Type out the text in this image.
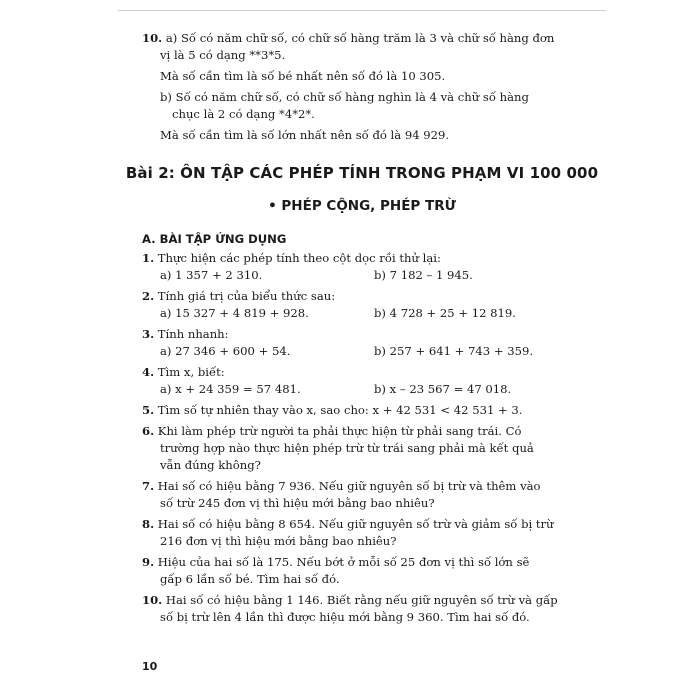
10. a) Số có năm chữ số, có chữ số hàng trăm là 3 và chữ số hàng đơn
vị là 5 có dạng **3*5.
Mà số cần tìm là số bé nhất nên số đó là 10 305.
b) Số có năm chữ số, có chữ số hàng nghìn là 4 và chữ số hàng
chục là 2 có dạng *4*2*.
Mà số cần tìm là số lớn nhất nên số đó là 94 929.
Bài 2: ÔN TẬP CÁC PHÉP TÍNH TRONG PHẠM VI 100 000
• PHÉP CỘNG, PHÉP TRỪ
A. BÀI TẬP ỨNG DỤNG
1. Thực hiện các phép tính theo cột dọc rồi thử lại:
a) 1 357 + 2 310.	b) 7 182 – 1 945.
2. Tính giá trị của biểu thức sau:
a) 15 327 + 4 819 + 928.	b) 4 728 + 25 + 12 819.
3. Tính nhanh:
a) 27 346 + 600 + 54.	b) 257 + 641 + 743 + 359.
4. Tìm x, biết:
a) x + 24 359 = 57 481.	b) x – 23 567 = 47 018.
5. Tìm số tự nhiên thay vào x, sao cho: x + 42 531 < 42 531 + 3.
6. Khi làm phép trừ người ta phải thực hiện từ phải sang trái. Có
trường hợp nào thực hiện phép trừ từ trái sang phải mà kết quả
vẫn đúng không?
7. Hai số có hiệu bằng 7 936. Nếu giữ nguyên số bị trừ và thêm vào
số trừ 245 đơn vị thì hiệu mới bằng bao nhiêu?
8. Hai số có hiệu bằng 8 654. Nếu giữ nguyên số trừ và giảm số bị trừ
216 đơn vị thì hiệu mới bằng bao nhiêu?
9. Hiệu của hai số là 175. Nếu bớt ở mỗi số 25 đơn vị thì số lớn sẽ
gấp 6 lần số bé. Tìm hai số đó.
10. Hai số có hiệu bằng 1 146. Biết rằng nếu giữ nguyên số trừ và gấp
số bị trừ lên 4 lần thì được hiệu mới bằng 9 360. Tìm hai số đó.
10
